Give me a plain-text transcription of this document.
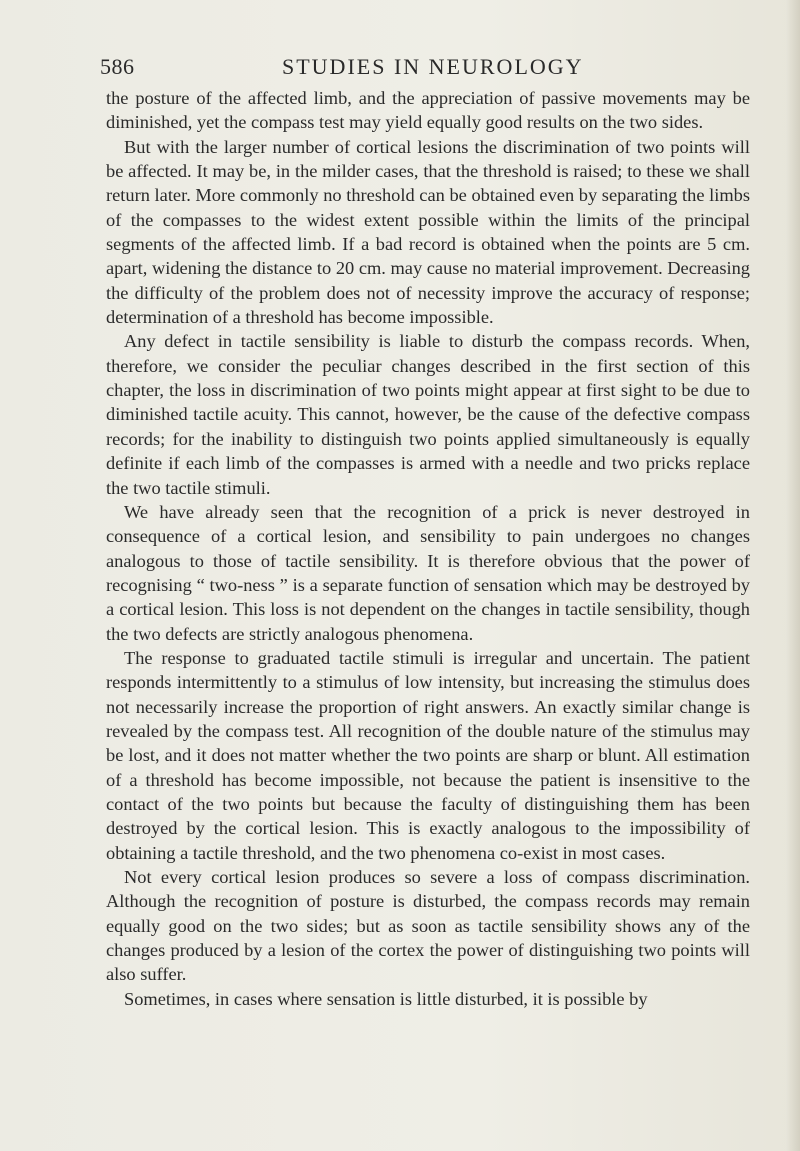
586	STUDIES IN NEUROLOGY

the posture of the affected limb, and the appreciation of passive movements may be diminished, yet the compass test may yield equally good results on the two sides.

But with the larger number of cortical lesions the discrimination of two points will be affected. It may be, in the milder cases, that the threshold is raised; to these we shall return later. More commonly no threshold can be obtained even by separating the limbs of the compasses to the widest extent possible within the limits of the principal segments of the affected limb. If a bad record is obtained when the points are 5 cm. apart, widening the distance to 20 cm. may cause no material improvement. Decreasing the difficulty of the problem does not of necessity improve the accuracy of response; determination of a threshold has become impossible.

Any defect in tactile sensibility is liable to disturb the compass records. When, therefore, we consider the peculiar changes described in the first section of this chapter, the loss in discrimination of two points might appear at first sight to be due to diminished tactile acuity. This cannot, however, be the cause of the defective compass records; for the inability to distinguish two points applied simultaneously is equally definite if each limb of the compasses is armed with a needle and two pricks replace the two tactile stimuli.

We have already seen that the recognition of a prick is never destroyed in consequence of a cortical lesion, and sensibility to pain undergoes no changes analogous to those of tactile sensibility. It is therefore obvious that the power of recognising “ two-ness ” is a separate function of sensation which may be destroyed by a cortical lesion. This loss is not dependent on the changes in tactile sensibility, though the two defects are strictly analogous phenomena.

The response to graduated tactile stimuli is irregular and uncertain. The patient responds intermittently to a stimulus of low intensity, but increasing the stimulus does not necessarily increase the proportion of right answers. An exactly similar change is revealed by the compass test. All recognition of the double nature of the stimulus may be lost, and it does not matter whether the two points are sharp or blunt. All estimation of a threshold has become impossible, not because the patient is insensitive to the contact of the two points but because the faculty of distinguishing them has been destroyed by the cortical lesion. This is exactly analogous to the impossibility of obtaining a tactile threshold, and the two phenomena co-exist in most cases.

Not every cortical lesion produces so severe a loss of compass discrimination. Although the recognition of posture is disturbed, the compass records may remain equally good on the two sides; but as soon as tactile sensibility shows any of the changes produced by a lesion of the cortex the power of distinguishing two points will also suffer.

Sometimes, in cases where sensation is little disturbed, it is possible by
